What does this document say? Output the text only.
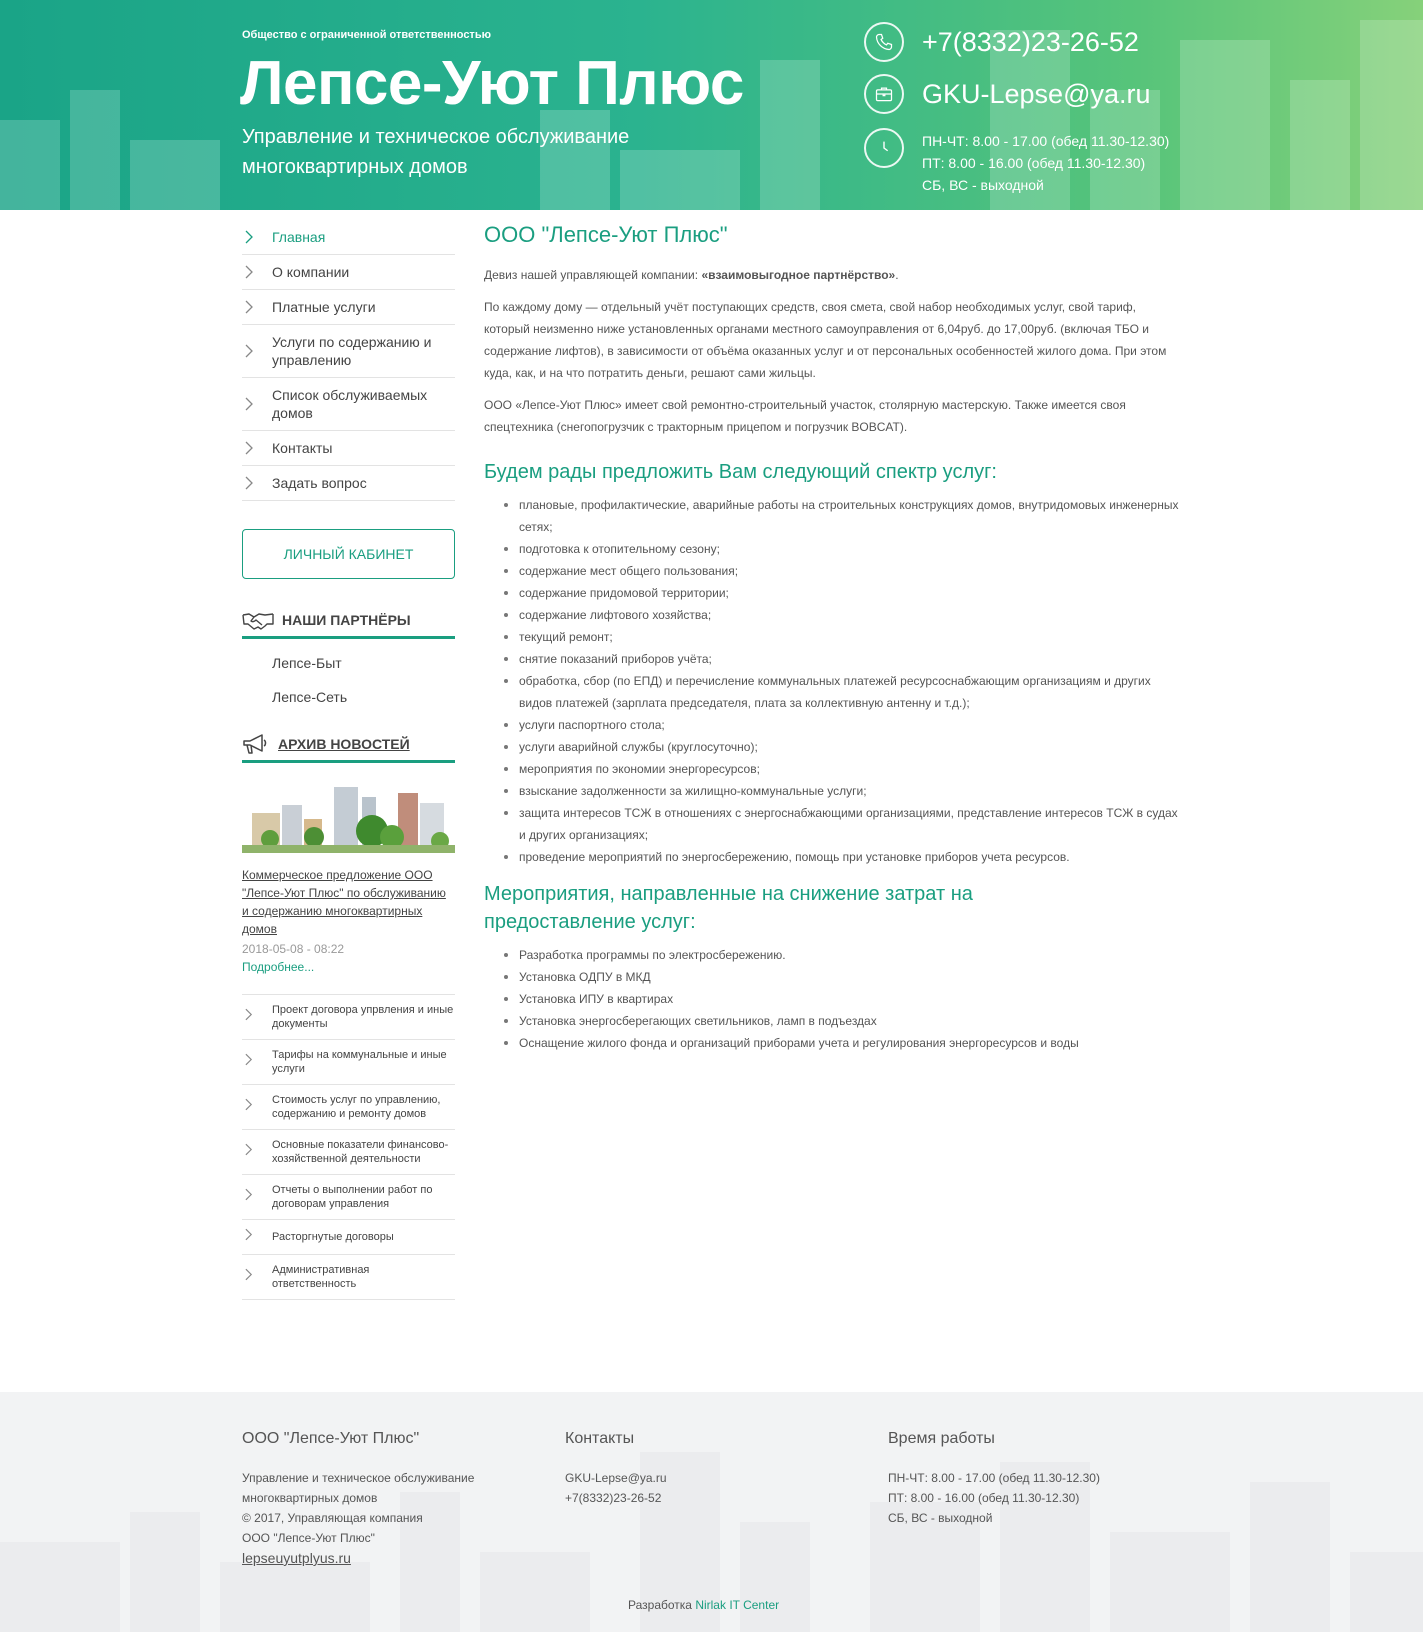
Общество с ограниченной ответственностью
Лепсе-Уют Плюс
Управление и техническое обслуживание многоквартирных домов
+7(8332)23-26-52
GKU-Lepse@ya.ru
ПН-ЧТ: 8.00 - 17.00 (обед 11.30-12.30)
ПТ: 8.00 - 16.00 (обед 11.30-12.30)
СБ, ВС - выходной
Главная
О компании
Платные услуги
Услуги по содержанию и управлению
Список обслуживаемых домов
Контакты
Задать вопрос
ЛИЧНЫЙ КАБИНЕТ
НАШИ ПАРТНЁРЫ
Лепсе-Быт
Лепсе-Сеть
АРХИВ НОВОСТЕЙ
Коммерческое предложение ООО "Лепсе-Уют Плюс" по обслуживанию и содержанию многоквартирных домов
2018-05-08 - 08:22
Подробнее...
Проект договора упрвления и иные документы
Тарифы на коммунальные и иные услуги
Стоимость услуг по управлению, содержанию и ремонту домов
Основные показатели финансово-хозяйственной деятельности
Отчеты о выполнении работ по договорам управления
Расторгнутые договоры
Административная ответственность
ООО "Лепсе-Уют Плюс"

Девиз нашей управляющей компании: «взаимовыгодное партнёрство».

По каждому дому — отдельный учёт поступающих средств, своя смета, свой набор необходимых услуг, свой тариф, который неизменно ниже установленных органами местного самоуправления от 6,04руб. до 17,00руб. (включая ТБО и содержание лифтов), в зависимости от объёма оказанных услуг и от персональных особенностей жилого дома. При этом куда, как, и на что потратить деньги, решают сами жильцы.

ООО «Лепсе-Уют Плюс» имеет свой ремонтно-строительный участок, столярную мастерскую. Также имеется своя спецтехника (снегопогрузчик с тракторным прицепом и погрузчик BOBCAT).

Будем рады предложить Вам следующий спектр услуг:
плановые, профилактические, аварийные работы на строительных конструкциях домов, внутридомовых инженерных сетях;
подготовка к отопительному сезону;
содержание мест общего пользования;
содержание придомовой территории;
содержание лифтового хозяйства;
текущий ремонт;
снятие показаний приборов учёта;
обработка, сбор (по ЕПД) и перечисление коммунальных платежей ресурсоснабжающим организациям и других видов платежей (зарплата председателя, плата за коллективную антенну и т.д.);
услуги паспортного стола;
услуги аварийной службы (круглосуточно);
мероприятия по экономии энергоресурсов;
взыскание задолженности за жилищно-коммунальные услуги;
защита интересов ТСЖ в отношениях с энергоснабжающими организациями, представление интересов ТСЖ в судах и других организациях;
проведение мероприятий по энергосбережению, помощь при установке приборов учета ресурсов.
Мероприятия, направленные на снижение затрат на предоставление услуг:
Разработка программы по электросбережению.
Установка ОДПУ в МКД
Установка ИПУ в квартирах
Установка энергосберегающих светильников, ламп в подъездах
Оснащение жилого фонда и организаций приборами учета и регулирования энергоресурсов и воды
ООО "Лепсе-Уют Плюс"
Управление и техническое обслуживание
многоквартирных домов
© 2017, Управляющая компания
ООО "Лепсе-Уют Плюс"
lepseuyutplyus.ru
Контакты
GKU-Lepse@ya.ru
+7(8332)23-26-52
Время работы
ПН-ЧТ: 8.00 - 17.00 (обед 11.30-12.30)
ПТ: 8.00 - 16.00 (обед 11.30-12.30)
СБ, ВС - выходной
Разработка Nirlak IT Center
